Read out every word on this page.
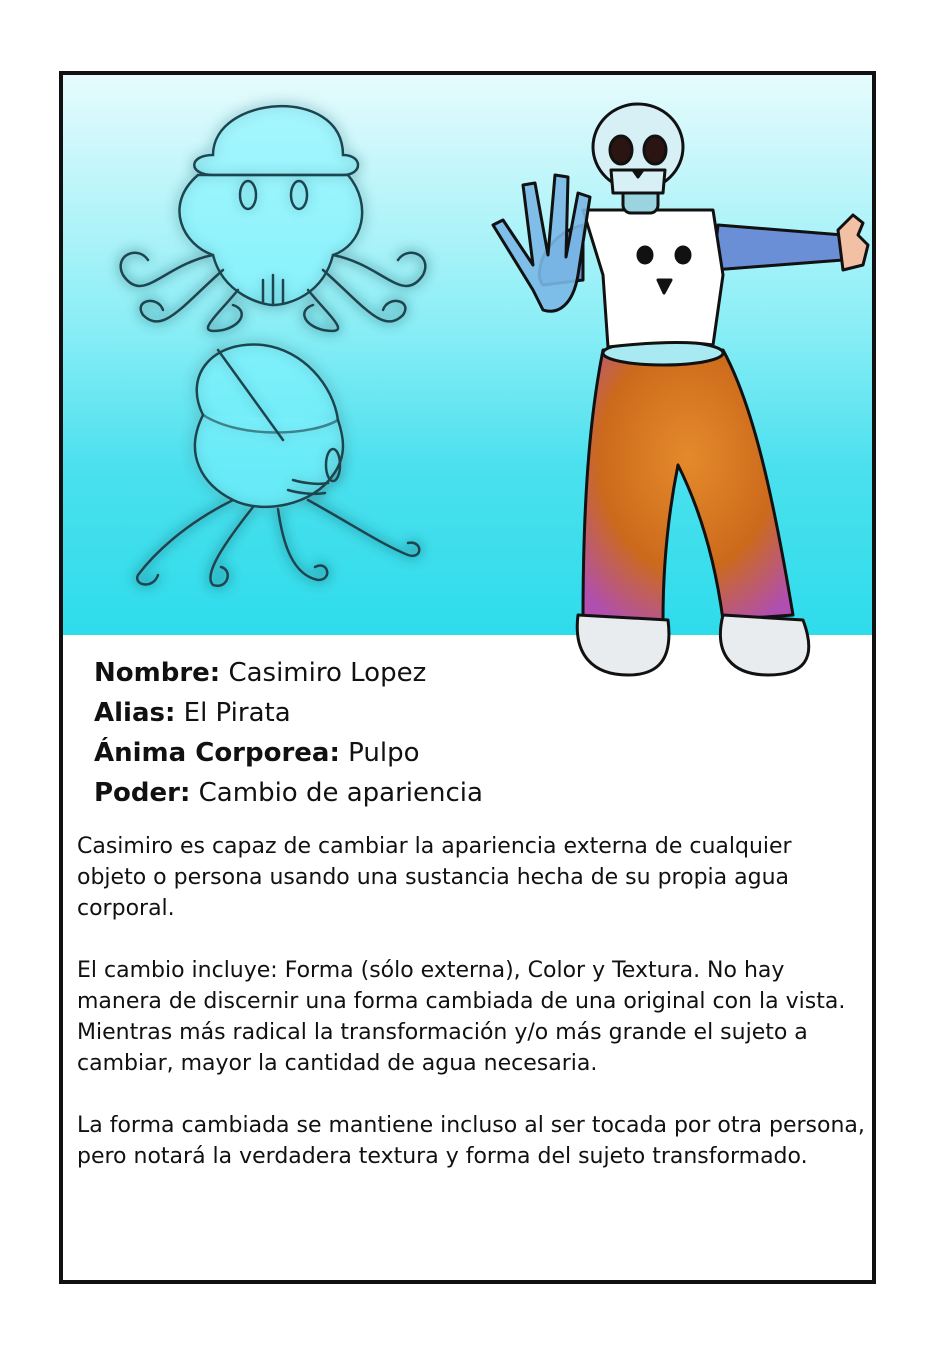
Nombre: Casimiro Lopez
Alias: El Pirata
Ánima Corporea: Pulpo
Poder: Cambio de apariencia

Casimiro es capaz de cambiar la apariencia externa de cualquier objeto o persona usando una sustancia hecha de su propia agua corporal.

El cambio incluye: Forma (sólo externa), Color y Textura. No hay manera de discernir una forma cambiada de una original con la vista. Mientras más radical la transformación y/o más grande el sujeto a cambiar, mayor la cantidad de agua necesaria.

La forma cambiada se mantiene incluso al ser tocada por otra persona, pero notará la verdadera textura y forma del sujeto transformado.
